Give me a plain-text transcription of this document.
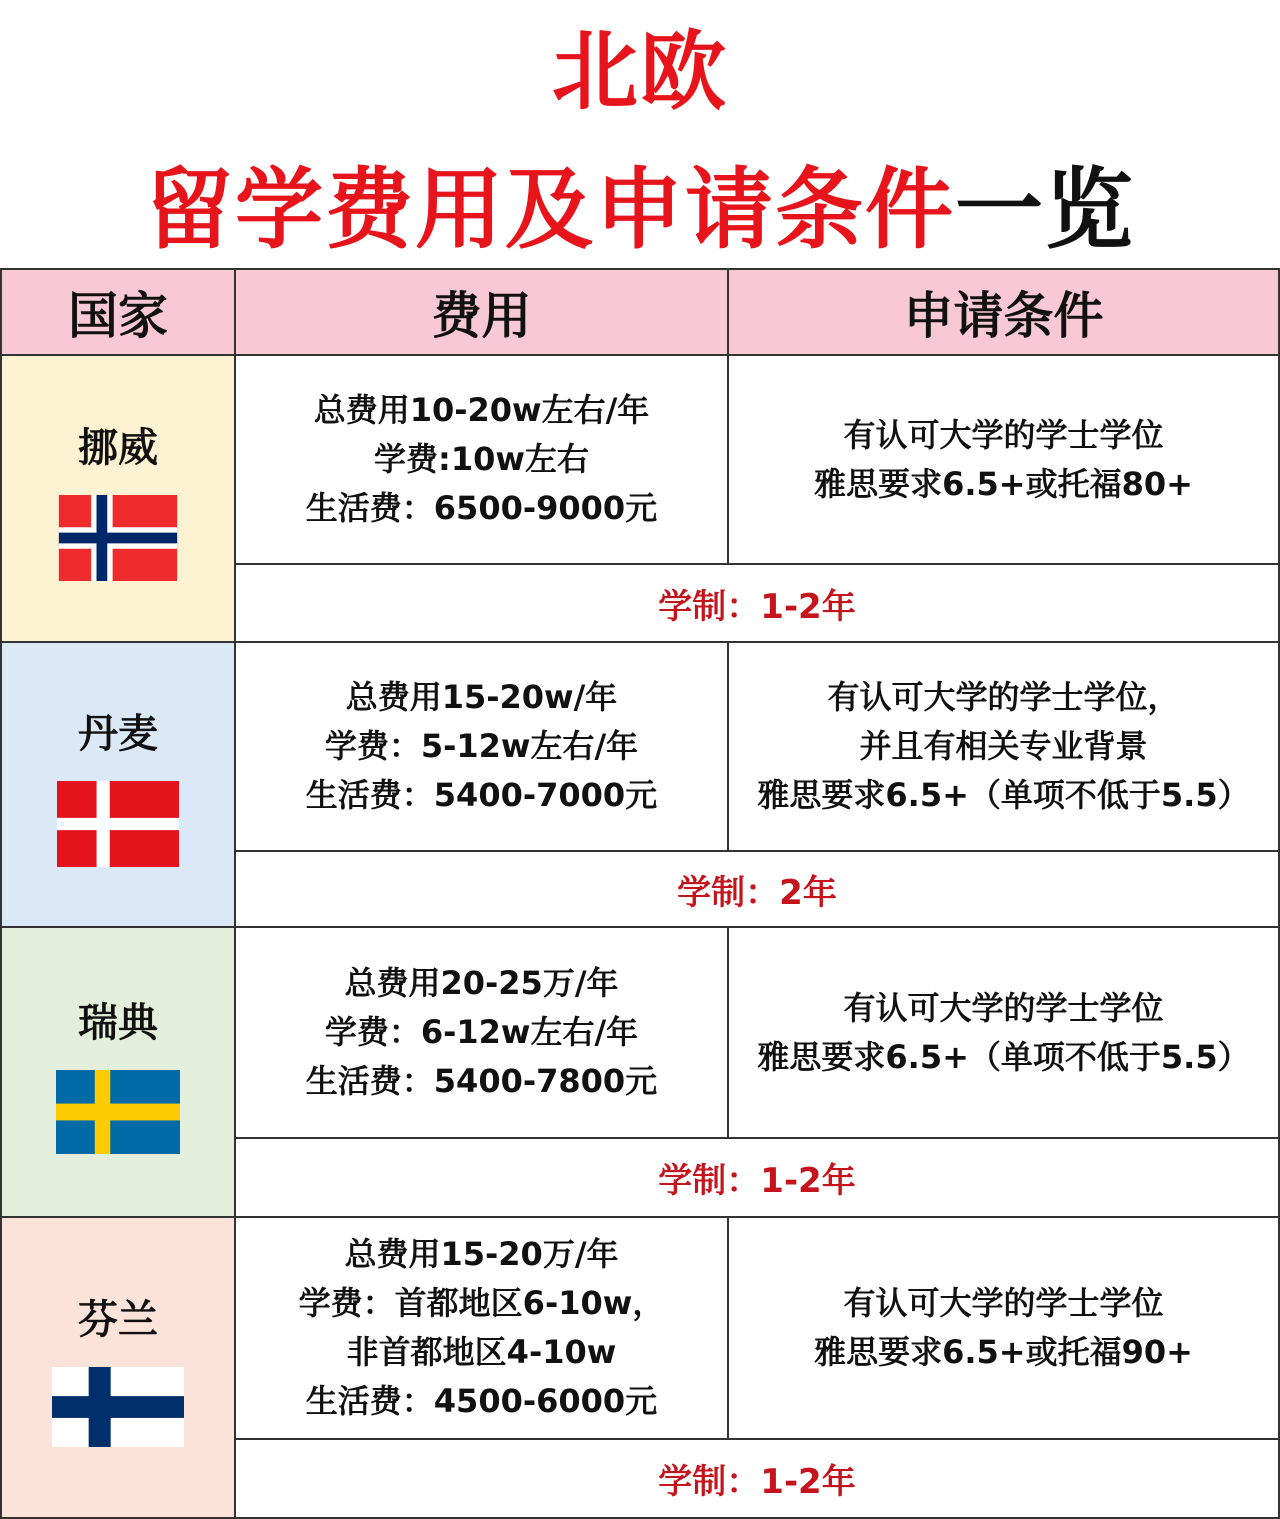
北欧
留学费用及申请条件一览
国家	费用	申请条件
挪威
总费用10-20w左右/年
学费:10w左右
生活费：6500-9000元
有认可大学的学士学位
雅思要求6.5+或托福80+
学制：1-2年
丹麦
总费用15-20w/年
学费：5-12w左右/年
生活费：5400-7000元
有认可大学的学士学位，
并且有相关专业背景
雅思要求6.5+（单项不低于5.5）
学制：2年
瑞典
总费用20-25万/年
学费：6-12w左右/年
生活费：5400-7800元
有认可大学的学士学位
雅思要求6.5+（单项不低于5.5）
学制：1-2年
芬兰
总费用15-20万/年
学费：首都地区6-10w，
非首都地区4-10w
生活费：4500-6000元
有认可大学的学士学位
雅思要求6.5+或托福90+
学制：1-2年
